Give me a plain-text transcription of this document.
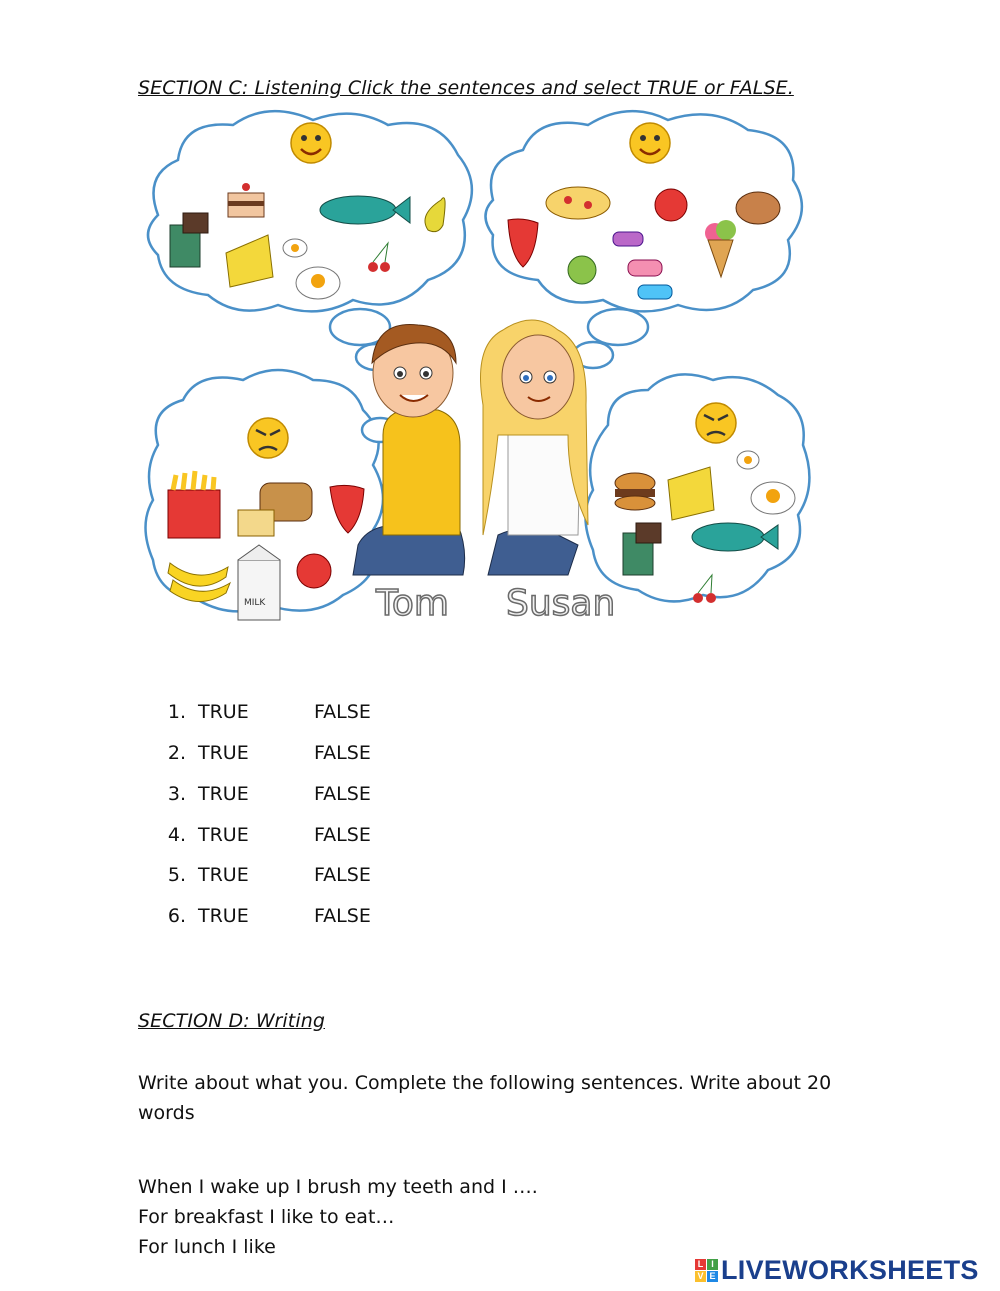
SECTION C: Listening Click the sentences and select TRUE or FALSE.
MILK	Tom Susan
1. TRUE	FALSE
2. TRUE	FALSE
3. TRUE	FALSE
4. TRUE	FALSE
5. TRUE	FALSE
6. TRUE	FALSE
SECTION D: Writing
Write about what you. Complete the following sentences. Write about 20
words
When I wake up I brush my teeth and I ….
For breakfast I like to eat…
For lunch I like
L I
V E LIVEWORKSHEETS
